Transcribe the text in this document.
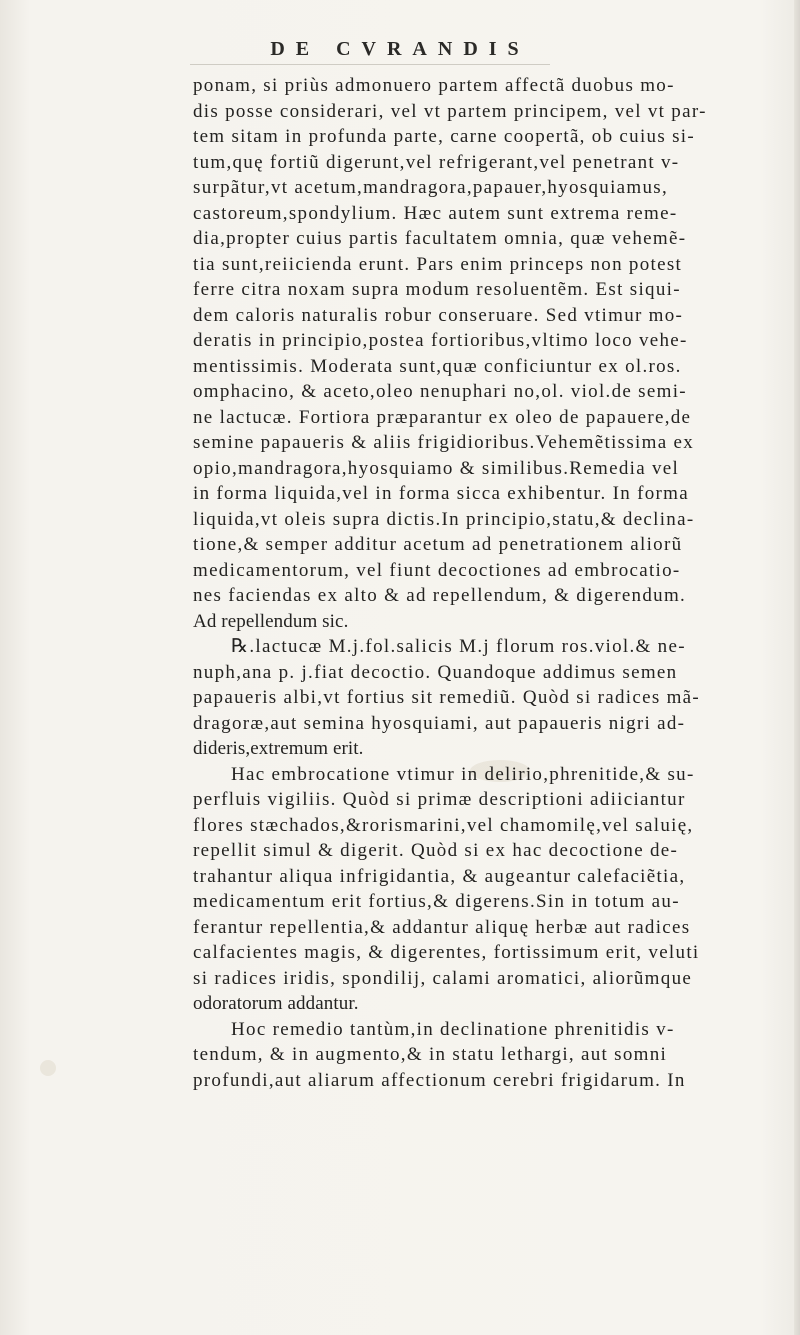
DE CVRANDIS
ponam, si priùs admonuero partem affectã duobus mo-
dis posse considerari, vel vt partem principem, vel vt par-
tem sitam in profunda parte, carne coopertã, ob cuius si-
tum,quę fortiũ digerunt,vel refrigerant,vel penetrant v-
surpãtur,vt acetum,mandragora,papauer,hyosquiamus,
castoreum,spondylium. Hæc autem sunt extrema reme-
dia,propter cuius partis facultatem omnia, quæ vehemẽ-
tia sunt,reiicienda erunt. Pars enim princeps non potest
ferre citra noxam supra modum resoluentẽm. Est siqui-
dem caloris naturalis robur conseruare. Sed vtimur mo-
deratis in principio,postea fortioribus,vltimo loco vehe-
mentissimis. Moderata sunt,quæ conficiuntur ex ol.ros.
omphacino, & aceto,oleo nenuphari no,ol. viol.de semi-
ne lactucæ. Fortiora præparantur ex oleo de papauere,de
semine papaueris & aliis frigidioribus.Vehemẽtissima ex
opio,mandragora,hyosquiamo & similibus.Remedia vel
in forma liquida,vel in forma sicca exhibentur. In forma
liquida,vt oleis supra dictis.In principio,statu,& declina-
tione,& semper additur acetum ad penetrationem aliorũ
medicamentorum, vel fiunt decoctiones ad embrocatio-
nes faciendas ex alto & ad repellendum, & digerendum.
Ad repellendum sic.
℞.lactucæ M.j.fol.salicis M.j florum ros.viol.& ne-
nuph,ana p. j.fiat decoctio. Quandoque addimus semen
papaueris albi,vt fortius sit remediũ. Quòd si radices mã-
dragoræ,aut semina hyosquiami, aut papaueris nigri ad-
dideris,extremum erit.
Hac embrocatione vtimur in delirio,phrenitide,& su-
perfluis vigiliis. Quòd si primæ descriptioni adiiciantur
flores stæchados,&rorismarini,vel chamomilę,vel saluię,
repellit simul & digerit. Quòd si ex hac decoctione de-
trahantur aliqua infrigidantia, & augeantur calefaciẽtia,
medicamentum erit fortius,& digerens.Sin in totum au-
ferantur repellentia,& addantur aliquę herbæ aut radices
calfacientes magis, & digerentes, fortissimum erit, veluti
si radices iridis, spondilij, calami aromatici, aliorũmque
odoratorum addantur.
Hoc remedio tantùm,in declinatione phrenitidis v-
tendum, & in augmento,& in statu lethargi, aut somni
profundi,aut aliarum affectionum cerebri frigidarum. In
